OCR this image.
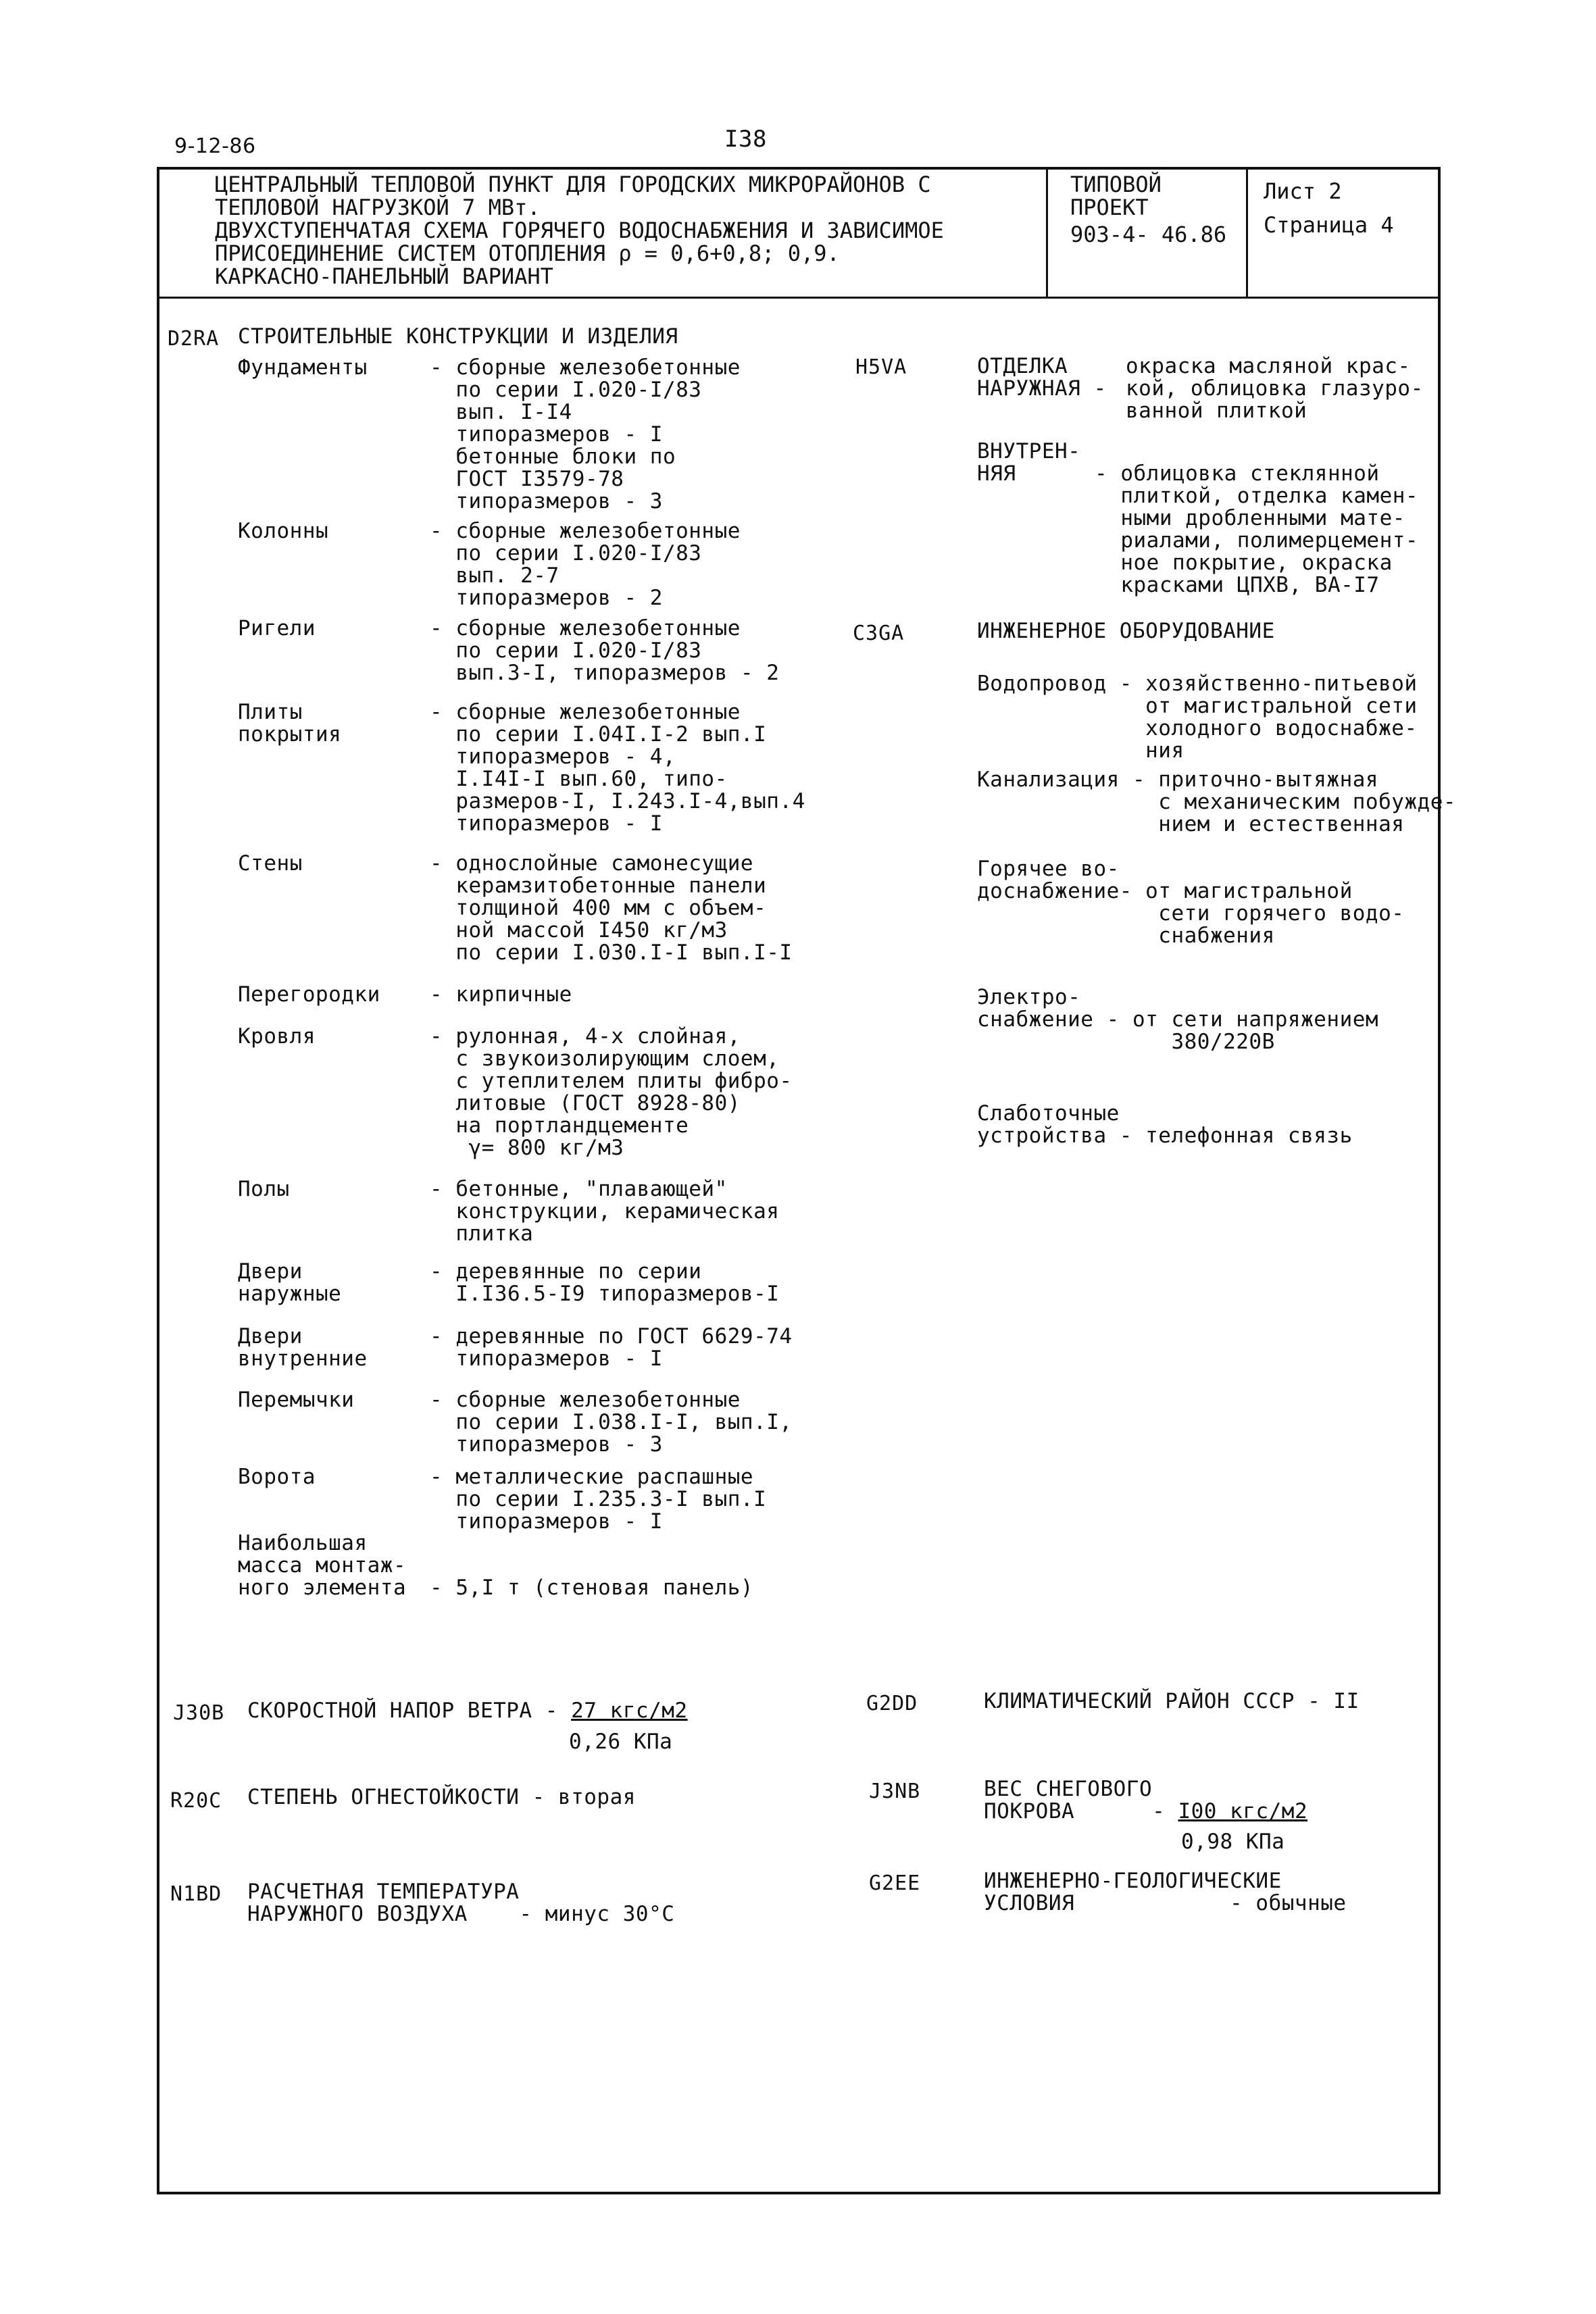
9-12-86	I38
ЦЕНТРАЛЬНЫЙ ТЕПЛОВОЙ ПУНКТ ДЛЯ ГОРОДСКИХ МИКРОРАЙОНОВ С
ТЕПЛОВОЙ НАГРУЗКОЙ 7 МВт.
ДВУХСТУПЕНЧАТАЯ СХЕМА ГОРЯЧЕГО ВОДОСНАБЖЕНИЯ И ЗАВИСИМОЕ
ПРИСОЕДИНЕНИЕ СИСТЕМ ОТОПЛЕНИЯ ρ = 0,6+0,8; 0,9.
КАРКАСНО-ПАНЕЛЬНЫЙ ВАРИАНТ
ТИПОВОЙ
ПРОЕКТ
903-4- 46.86
Лист 2
Страница 4
D2RA СТРОИТЕЛЬНЫЕ КОНСТРУКЦИИ И ИЗДЕЛИЯ
Фундаменты	- сборные железобетонные
по серии I.020-I/83
вып. I-I4
типоразмеров - I
бетонные блоки по
ГОСТ I3579-78
типоразмеров - 3
Колонны	- сборные железобетонные
по серии I.020-I/83
вып. 2-7
типоразмеров - 2
Ригели	- сборные железобетонные
по серии I.020-I/83
вып.3-I, типоразмеров - 2
Плиты
покрытия
- сборные железобетонные
по серии I.04I.I-2 вып.I
типоразмеров - 4,
I.I4I-I вып.60, типо-
размеров-I, I.243.I-4,вып.4
типоразмеров - I
Стены	- однослойные самонесущие
керамзитобетонные панели
толщиной 400 мм с объем-
ной массой I450 кг/м3
по серии I.030.I-I вып.I-I
Перегородки - кирпичные
Кровля	- рулонная, 4-х слойная,
с звукоизолирующим слоем,
с утеплителем плиты фибро-
литовые (ГОСТ 8928-80)
на портландцементе
γ= 800 кг/м3
Полы	- бетонные, "плавающей"
конструкции, керамическая
плитка
Двери
наружные
- деревянные по серии
I.I36.5-I9 типоразмеров-I
Двери
внутренние
- деревянные по ГОСТ 6629-74
типоразмеров - I
Перемычки	- сборные железобетонные
по серии I.038.I-I, вып.I,
типоразмеров - 3
Ворота	- металлические распашные
по серии I.235.3-I вып.I
типоразмеров - I
Наибольшая
масса монтаж-
ного элемента - 5,I т (стеновая панель)
H5VA	ОТДЕЛКА
НАРУЖНАЯ -
окраска масляной крас-
кой, облицовка глазуро-
ванной плиткой
ВНУТРЕН-
НЯЯ	- облицовка стеклянной
плиткой, отделка камен-
ными дробленными мате-
риалами, полимерцемент-
ное покрытие, окраска
красками ЦПХВ, ВА-I7
C3GA	ИНЖЕНЕРНОЕ ОБОРУДОВАНИЕ
Водопровод - хозяйственно-питьевой
от магистральной сети
холодного водоснабже-
ния
Канализация - приточно-вытяжная
с механическим побужде-
нием и естественная
Горячее во-
доснабжение- от магистральной
сети горячего водо-
снабжения
Электро-
снабжение - от сети напряжением
380/220В
Слаботочные
устройства - телефонная связь
J30B СКОРОСТНОЙ НАПОР ВЕТРА - 27 кгс/м2
0,26 КПа
R20C СТЕПЕНЬ ОГНЕСТОЙКОСТИ - вторая
N1BD РАСЧЕТНАЯ ТЕМПЕРАТУРА
НАРУЖНОГО ВОЗДУХА    - минус 30°С
G2DD	КЛИМАТИЧЕСКИЙ РАЙОН СССР - II
J3NB	ВЕС СНЕГОВОГО
ПОКРОВА      - I00 кгс/м2
0,98 КПа
G2EE	ИНЖЕНЕРНО-ГЕОЛОГИЧЕСКИЕ
УСЛОВИЯ            - обычные
